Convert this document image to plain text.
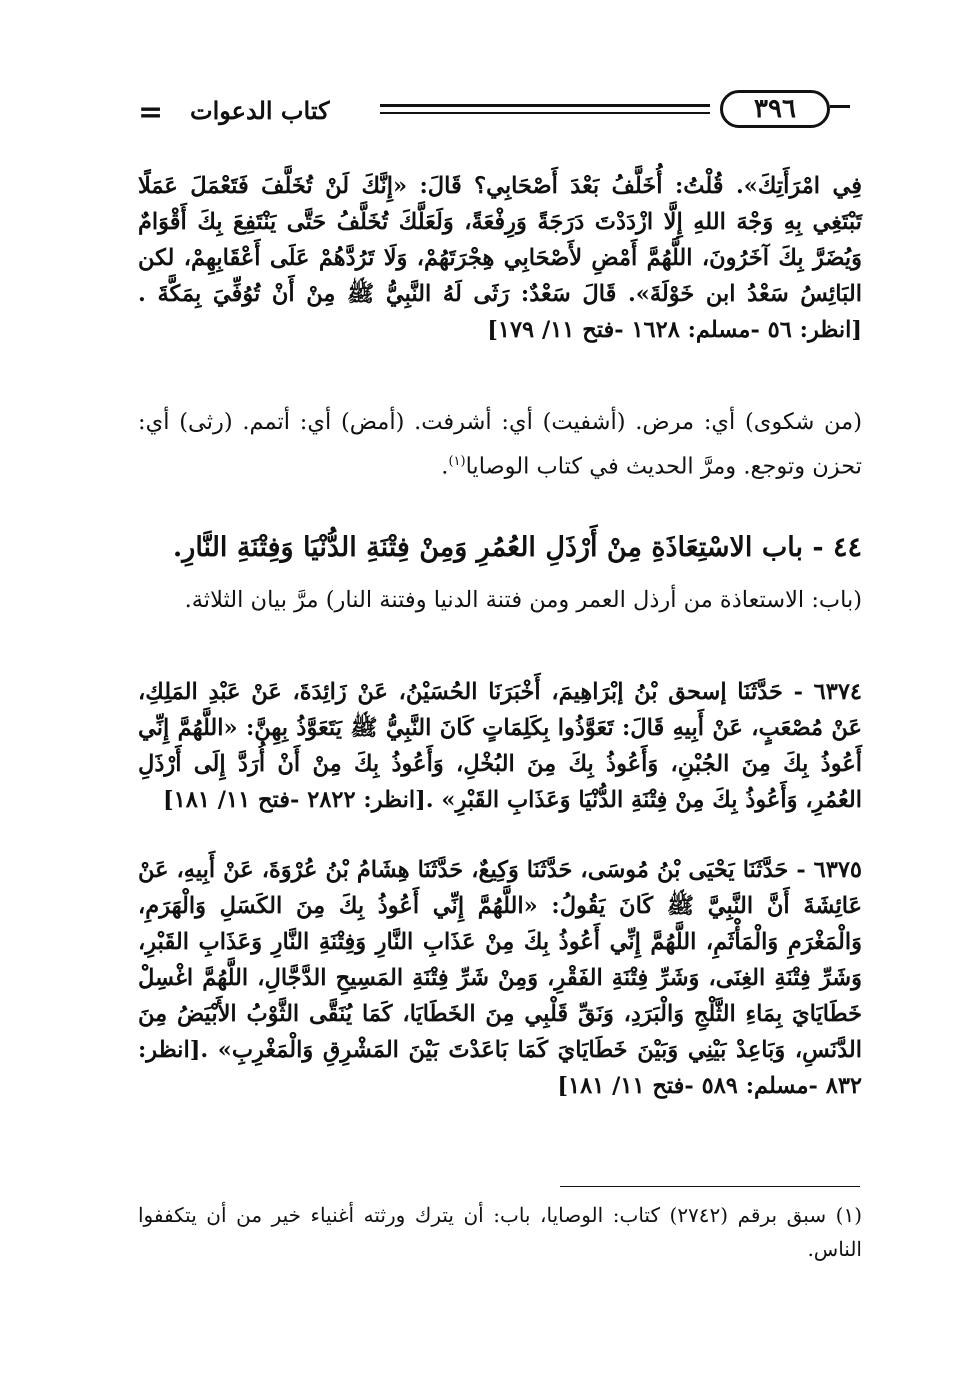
= كتاب الدعوات	٣٩٦
فِي امْرَأَتِكَ». قُلْتُ: أُخَلَّفُ بَعْدَ أَصْحَابِي؟ قَالَ: «إِنَّكَ لَنْ تُخَلَّفَ فَتَعْمَلَ عَمَلًا تَبْتَغِي بِهِ وَجْهَ اللهِ إِلَّا ازْدَدْتَ دَرَجَةً وَرِفْعَةً، وَلَعَلَّكَ تُخَلَّفُ حَتَّى يَنْتَفِعَ بِكَ أَقْوَامٌ وَيُضَرَّ بِكَ آخَرُونَ، اللَّهُمَّ أَمْضِ لأَصْحَابِي هِجْرَتَهُمْ، وَلَا تَرُدَّهُمْ عَلَى أَعْقَابِهِمْ، لكن البَائِسُ سَعْدُ ابن خَوْلَةَ». قَالَ سَعْدٌ: رَثَى لَهُ النَّبِيُّ ﷺ مِنْ أَنْ تُوُفِّيَ بِمَكَّةَ .[انظر: ٥٦ -مسلم: ١٦٢٨ -فتح ١١/ ١٧٩]
(من شكوى) أي: مرض. (أشفيت) أي: أشرفت. (أمض) أي: أتمم. (رثى) أي: تحزن وتوجع. ومرَّ الحديث في كتاب الوصايا$^{(١)}$.
٤٤ - باب الاسْتِعَاذَةِ مِنْ أَرْذَلِ العُمُرِ وَمِنْ فِتْنَةِ الدُّنْيَا وَفِتْنَةِ النَّارِ.
(باب: الاستعاذة من أرذل العمر ومن فتنة الدنيا وفتنة النار) مرَّ بيان الثلاثة.
٦٣٧٤ - حَدَّثَنَا إسحق بْنُ إبْرَاهِيمَ، أَخْبَرَنَا الحُسَيْنُ، عَنْ زَائِدَةَ، عَنْ عَبْدِ المَلِكِ، عَنْ مُصْعَبٍ، عَنْ أَبِيهِ قَالَ: تَعَوَّذُوا بِكَلِمَاتٍ كَانَ النَّبِيُّ ﷺ يَتَعَوَّذُ بِهِنَّ: «اللَّهُمَّ إِنِّي أَعُوذُ بِكَ مِنَ الجُبْنِ، وَأَعُوذُ بِكَ مِنَ البُخْلِ، وَأَعُوذُ بِكَ مِنْ أَنْ أُرَدَّ إِلَى أَرْذَلِ العُمُرِ، وَأَعُوذُ بِكَ مِنْ فِتْنَةِ الدُّنْيَا وَعَذَابِ القَبْرِ» .[انظر: ٢٨٢٢ -فتح ١١/ ١٨١]
٦٣٧٥ - حَدَّثَنَا يَحْيَى بْنُ مُوسَى، حَدَّثَنَا وَكِيعٌ، حَدَّثَنَا هِشَامُ بْنُ عُرْوَةَ، عَنْ أَبِيهِ، عَنْ عَائِشَةَ أَنَّ النَّبِيَّ ﷺ كَانَ يَقُولُ: «اللَّهُمَّ إِنِّي أَعُوذُ بِكَ مِنَ الكَسَلِ وَالْهَرَمِ، وَالْمَغْرَمِ وَالْمَأْثَمِ، اللَّهُمَّ إِنِّي أَعُوذُ بِكَ مِنْ عَذَابِ النَّارِ وَفِتْنَةِ النَّارِ وَعَذَابِ القَبْرِ، وَشَرِّ فِتْنَةِ الغِنَى، وَشَرِّ فِتْنَةِ الفَقْرِ، وَمِنْ شَرِّ فِتْنَةِ المَسِيحِ الدَّجَّالِ، اللَّهُمَّ اغْسِلْ خَطَايَايَ بِمَاءِ الثَّلْجِ وَالْبَرَدِ، وَنَقِّ قَلْبِي مِنَ الخَطَايَا، كَمَا يُنَقَّى الثَّوْبُ الأَبْيَضُ مِنَ الدَّنَسِ، وَبَاعِدْ بَيْنِي وَبَيْنَ خَطَايَايَ كَمَا بَاعَدْتَ بَيْنَ المَشْرِقِ وَالْمَغْرِبِ» .[انظر: ٨٣٢ -مسلم: ٥٨٩ -فتح ١١/ ١٨١]
(١) سبق برقم (٢٧٤٢) كتاب: الوصايا، باب: أن يترك ورثته أغنياء خير من أن يتكففوا الناس.
